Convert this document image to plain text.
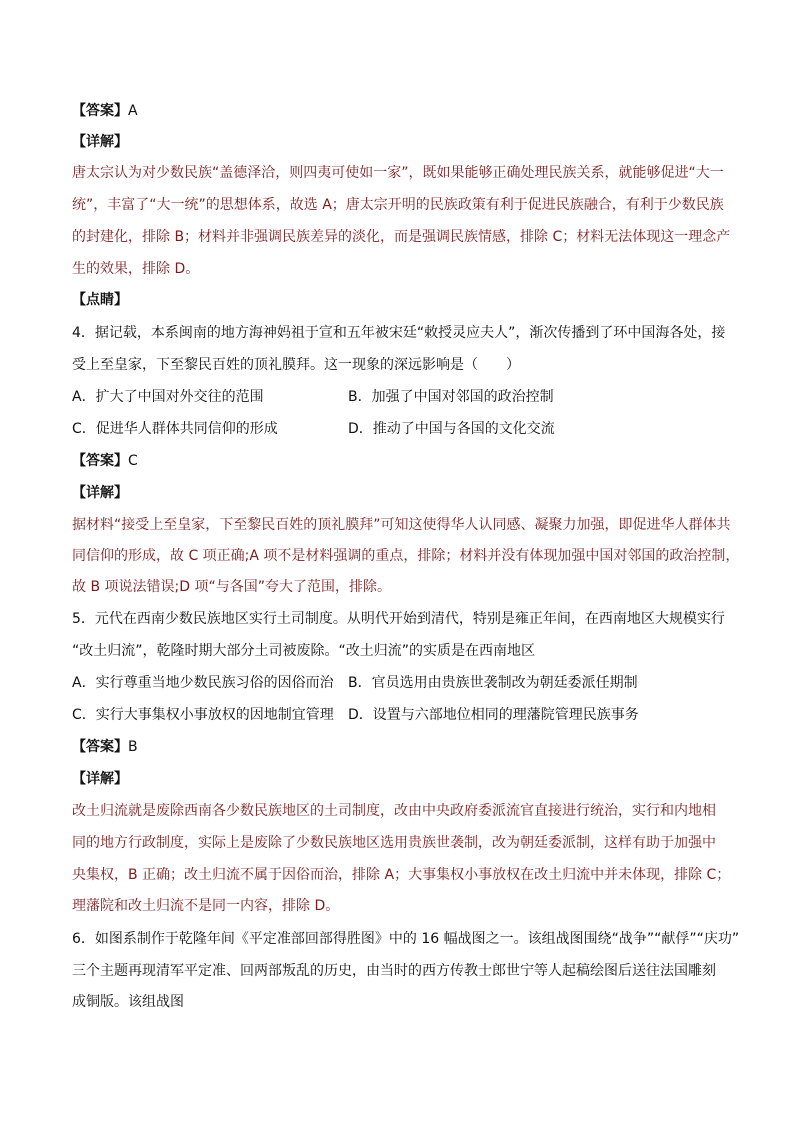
【答案】A
【详解】
唐太宗认为对少数民族“盖德泽洽，则四夷可使如一家”，既如果能够正确处理民族关系，就能够促进“大一
统”，丰富了“大一统”的思想体系，故选 A；唐太宗开明的民族政策有利于促进民族融合，有利于少数民族
的封建化，排除 B；材料并非强调民族差异的淡化，而是强调民族情感，排除 C；材料无法体现这一理念产
生的效果，排除 D。
【点睛】
4．据记载，本系闽南的地方海神妈祖于宣和五年被宋廷“敕授灵应夫人”，渐次传播到了环中国海各处，接
受上至皇家，下至黎民百姓的顶礼膜拜。这一现象的深远影响是（　　）
A．扩大了中国对外交往的范围	B．加强了中国对邻国的政治控制
C．促进华人群体共同信仰的形成	D．推动了中国与各国的文化交流
【答案】C
【详解】
据材料“接受上至皇家，下至黎民百姓的顶礼膜拜”可知这使得华人认同感、凝聚力加强，即促进华人群体共
同信仰的形成，故 C 项正确;A 项不是材料强调的重点，排除；材料并没有体现加强中国对邻国的政治控制，
故 B 项说法错误;D 项“与各国”夸大了范围，排除。
5．元代在西南少数民族地区实行土司制度。从明代开始到清代，特别是雍正年间，在西南地区大规模实行
“改土归流”，乾隆时期大部分土司被废除。“改土归流”的实质是在西南地区
A．实行尊重当地少数民族习俗的因俗而治 B．官员选用由贵族世袭制改为朝廷委派任期制
C．实行大事集权小事放权的因地制宜管理 D．设置与六部地位相同的理藩院管理民族事务
【答案】B
【详解】
改土归流就是废除西南各少数民族地区的土司制度，改由中央政府委派流官直接进行统治，实行和内地相
同的地方行政制度，实际上是废除了少数民族地区选用贵族世袭制，改为朝廷委派制，这样有助于加强中
央集权，B 正确；改土归流不属于因俗而治，排除 A；大事集权小事放权在改土归流中并未体现，排除 C；
理藩院和改土归流不是同一内容，排除 D。
6．如图系制作于乾隆年间《平定准部回部得胜图》中的 16 幅战图之一。该组战图围绕“战争”“献俘”“庆功”
三个主题再现清军平定准、回两部叛乱的历史，由当时的西方传教士郎世宁等人起稿绘图后送往法国雕刻
成铜版。该组战图
